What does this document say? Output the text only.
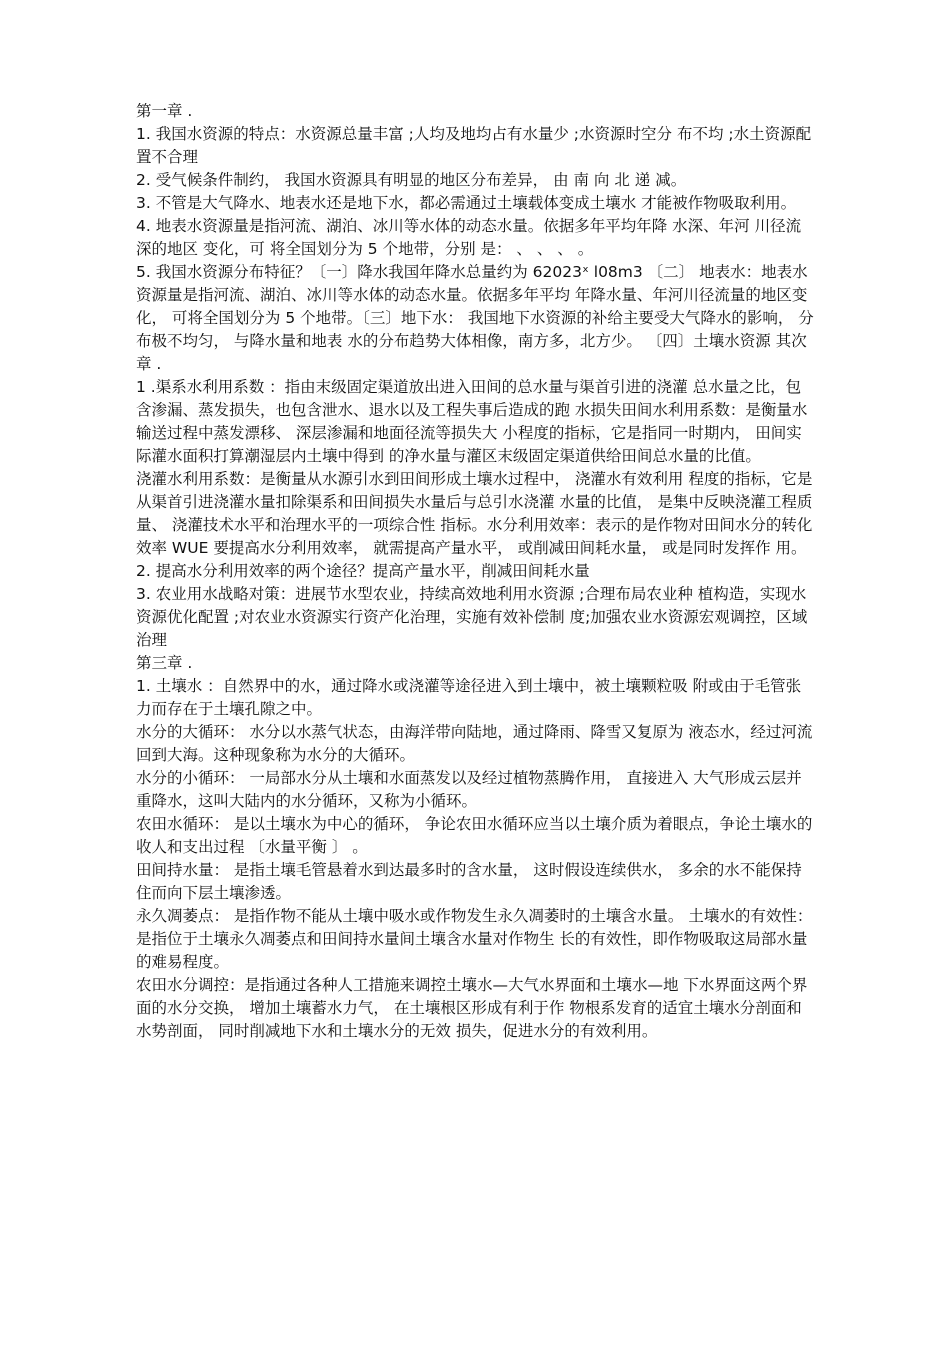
第一章 .

1. 我国水资源的特点：水资源总量丰富 ;人均及地均占有水量少 ;水资源时空分 布不均 ;水土资源配置不合理

2. 受气候条件制约， 我国水资源具有明显的地区分布差异， 由 南 向 北 递 减。

3. 不管是大气降水、地表水还是地下水，都必需通过土壤载体变成土壤水 才能被作物吸取利用。

4. 地表水资源量是指河流、湖泊、冰川等水体的动态水量。依据多年平均年降 水深、年河 川径流 深的地区 变化，可 将全国划分为 5 个地带，分别 是： 、 、 、 。

5. 我国水资源分布特征？〔一〕降水我国年降水总量约为 62023ˣ l08m3 〔二〕 地表水：地表水资源量是指河流、湖泊、冰川等水体的动态水量。依据多年平均 年降水量、年河川径流量的地区变化， 可将全国划分为 5 个地带。〔三〕地下水： 我国地下水资源的补给主要受大气降水的影响， 分布极不均匀， 与降水量和地表 水的分布趋势大体相像，南方多，北方少。 〔四〕土壤水资源 其次章 .

1 .渠系水利用系数 ：指由末级固定渠道放出进入田间的总水量与渠首引进的浇灌 总水量之比，包含渗漏、蒸发损失，也包含泄水、退水以及工程失事后造成的跑 水损失田间水利用系数：是衡量水输送过程中蒸发漂移、 深层渗漏和地面径流等损失大 小程度的指标，它是指同一时期内， 田间实际灌水面积打算潮湿层内土壤中得到 的净水量与灌区末级固定渠道供给田间总水量的比值。

浇灌水利用系数：是衡量从水源引水到田间形成土壤水过程中， 浇灌水有效利用 程度的指标，它是从渠首引进浇灌水量扣除渠系和田间损失水量后与总引水浇灌 水量的比值， 是集中反映浇灌工程质量、 浇灌技术水平和治理水平的一项综合性 指标。水分利用效率：表示的是作物对田间水分的转化效率 WUE 要提高水分利用效率， 就需提高产量水平， 或削减田间耗水量， 或是同时发挥作 用。

2. 提高水分利用效率的两个途径？提高产量水平，削减田间耗水量

3. 农业用水战略对策：进展节水型农业，持续高效地利用水资源 ;合理布局农业种 植构造，实现水资源优化配置 ;对农业水资源实行资产化治理，实施有效补偿制 度;加强农业水资源宏观调控，区域治理

第三章 .

1. 土壤水 ：自然界中的水，通过降水或浇灌等途径进入到土壤中，被土壤颗粒吸 附或由于毛管张力而存在于土壤孔隙之中。

水分的大循环： 水分以水蒸气状态，由海洋带向陆地，通过降雨、降雪又复原为 液态水，经过河流回到大海。这种现象称为水分的大循环。

水分的小循环： 一局部水分从土壤和水面蒸发以及经过植物蒸腾作用， 直接进入 大气形成云层并重降水，这叫大陆内的水分循环，又称为小循环。

农田水循环： 是以土壤水为中心的循环， 争论农田水循环应当以土壤介质为着眼点，争论土壤水的收人和支出过程 〔水量平衡 〕 。

田间持水量： 是指土壤毛管悬着水到达最多时的含水量， 这时假设连续供水， 多余的水不能保持住而向下层土壤渗透。

永久凋萎点： 是指作物不能从土壤中吸水或作物发生永久凋萎时的土壤含水量。 土壤水的有效性：是指位于土壤永久凋萎点和田间持水量间土壤含水量对作物生 长的有效性，即作物吸取这局部水量的难易程度。

农田水分调控：是指通过各种人工措施来调控土壤水—大气水界面和土壤水—地 下水界面这两个界面的水分交换， 增加土壤蓄水力气， 在土壤根区形成有利于作 物根系发育的适宜土壤水分剖面和水势剖面， 同时削减地下水和土壤水分的无效 损失，促进水分的有效利用。
